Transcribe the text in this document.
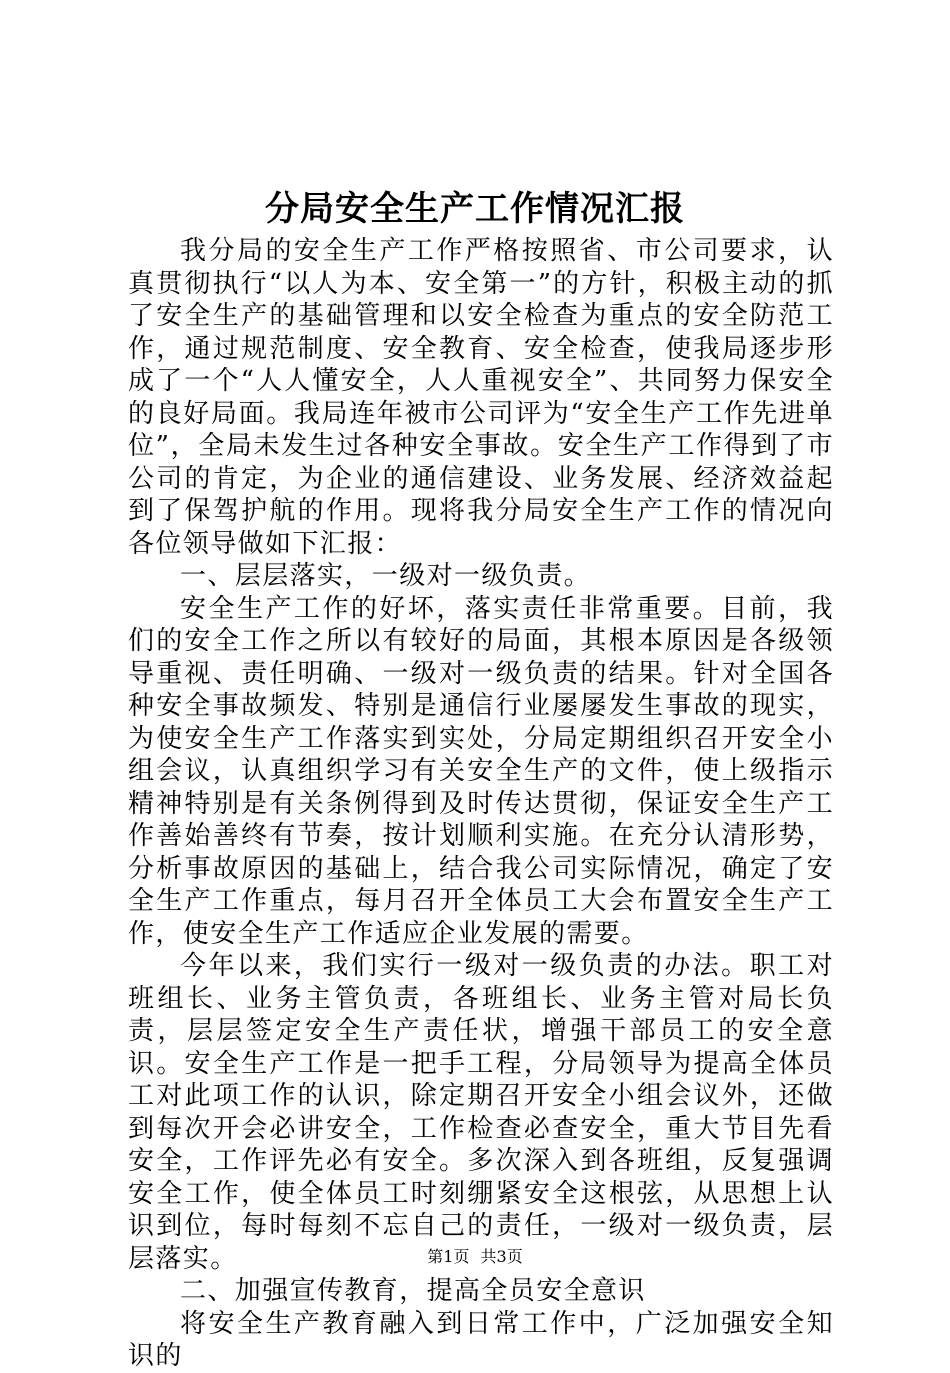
分局安全生产工作情况汇报

我分局的安全生产工作严格按照省、市公司要求，认真贯彻执行“以人为本、安全第一”的方针，积极主动的抓了安全生产的基础管理和以安全检查为重点的安全防范工作，通过规范制度、安全教育、安全检查，使我局逐步形成了一个“人人懂安全，人人重视安全”、共同努力保安全的良好局面。我局连年被市公司评为“安全生产工作先进单位”，全局未发生过各种安全事故。安全生产工作得到了市公司的肯定，为企业的通信建设、业务发展、经济效益起到了保驾护航的作用。现将我分局安全生产工作的情况向各位领导做如下汇报：

一、层层落实，一级对一级负责。

安全生产工作的好坏，落实责任非常重要。目前，我们的安全工作之所以有较好的局面，其根本原因是各级领导重视、责任明确、一级对一级负责的结果。针对全国各种安全事故频发、特别是通信行业屡屡发生事故的现实，为使安全生产工作落实到实处，分局定期组织召开安全小组会议，认真组织学习有关安全生产的文件，使上级指示精神特别是有关条例得到及时传达贯彻，保证安全生产工作善始善终有节奏，按计划顺利实施。在充分认清形势，分析事故原因的基础上，结合我公司实际情况，确定了安全生产工作重点，每月召开全体员工大会布置安全生产工作，使安全生产工作适应企业发展的需要。

今年以来，我们实行一级对一级负责的办法。职工对班组长、业务主管负责，各班组长、业务主管对局长负责，层层签定安全生产责任状，增强干部员工的安全意识。安全生产工作是一把手工程，分局领导为提高全体员工对此项工作的认识，除定期召开安全小组会议外，还做到每次开会必讲安全，工作检查必查安全，重大节目先看安全，工作评先必有安全。多次深入到各班组，反复强调安全工作，使全体员工时刻绷紧安全这根弦，从思想上认识到位，每时每刻不忘自己的责任，一级对一级负责，层层落实。

二、加强宣传教育，提高全员安全意识

将安全生产教育融入到日常工作中，广泛加强安全知识的

第1页 共3页
